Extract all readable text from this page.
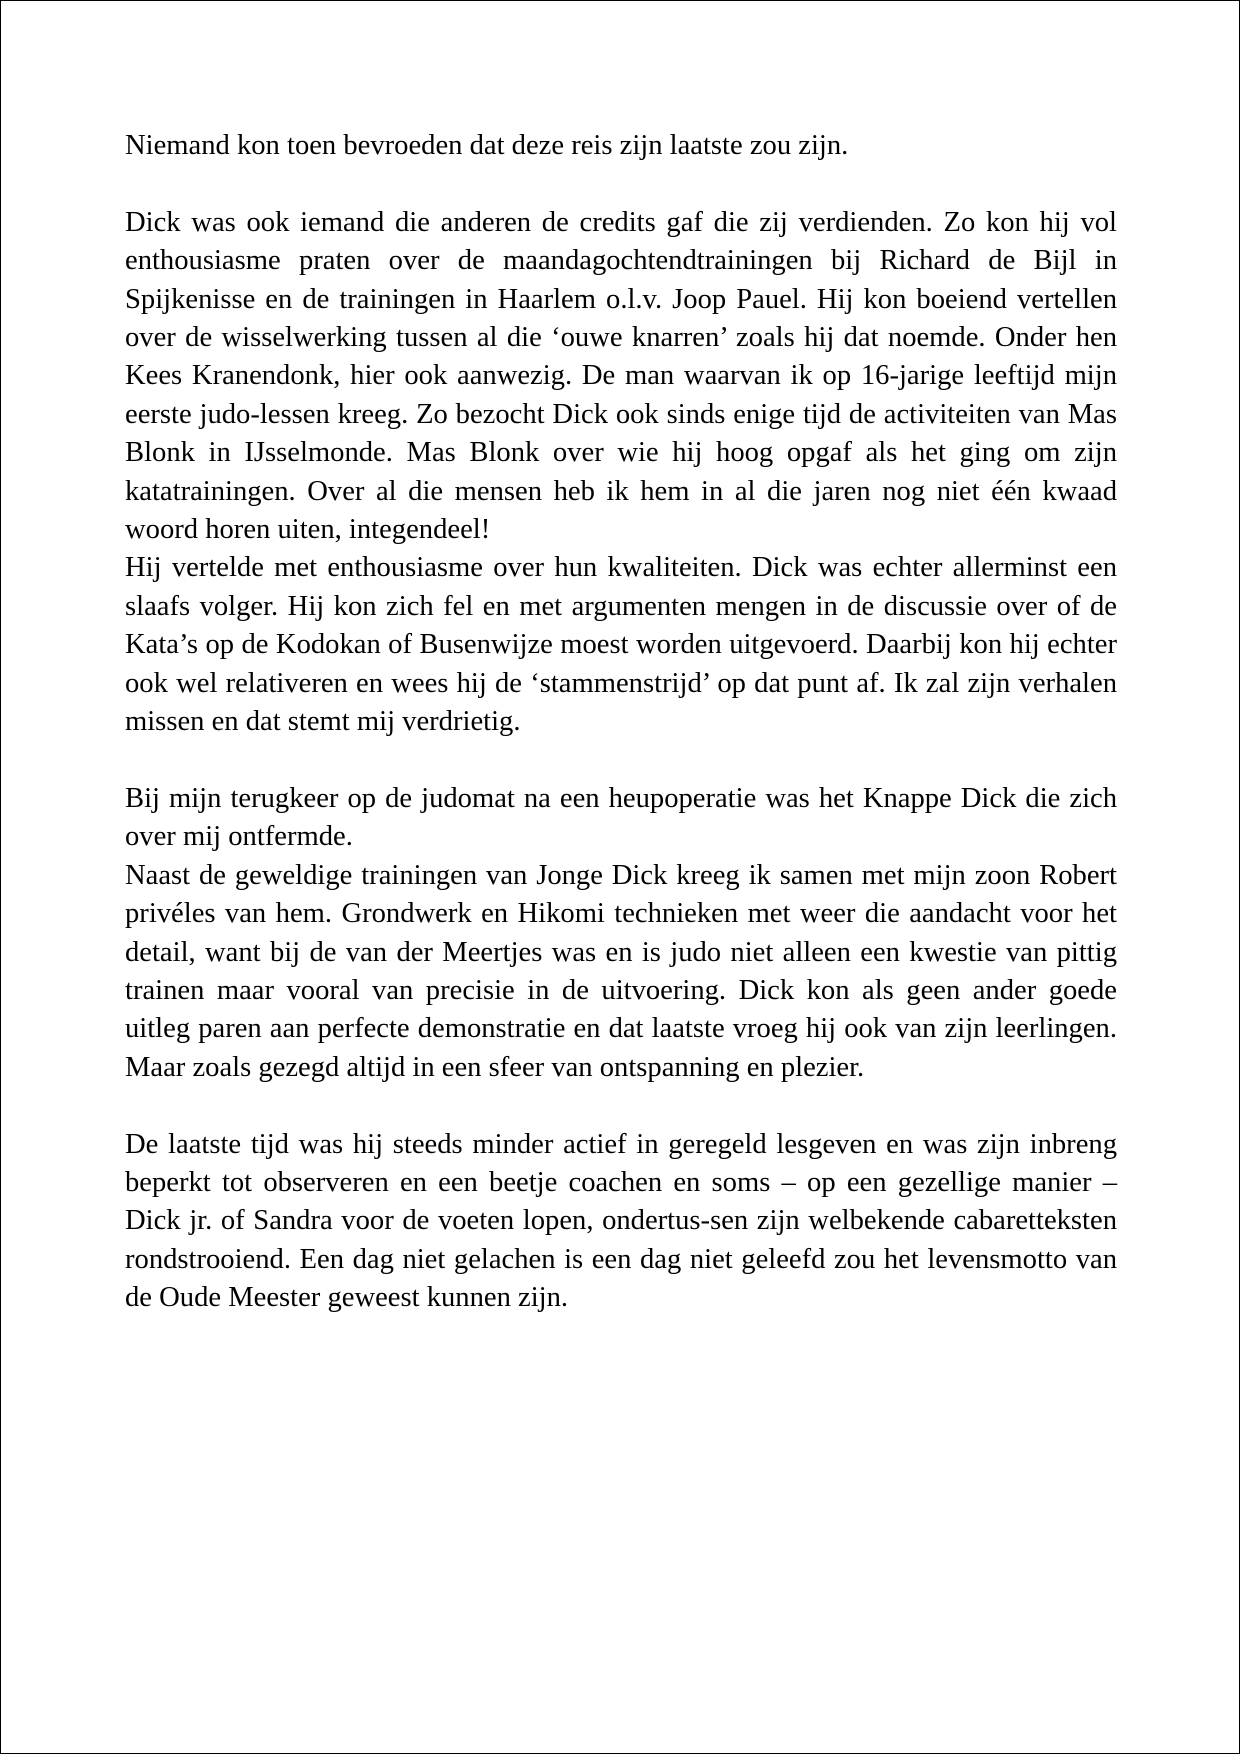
Niemand kon toen bevroeden dat deze reis zijn laatste zou zijn.

Dick was ook iemand die anderen de credits gaf die zij verdienden. Zo kon hij vol enthousiasme praten over de maandagochtendtrainingen bij Richard de Bijl in Spijkenisse en de trainingen in Haarlem o.l.v. Joop Pauel. Hij kon boeiend vertellen over de wisselwerking tussen al die ‘ouwe knarren’ zoals hij dat noemde. Onder hen Kees Kranendonk, hier ook aanwezig. De man waarvan ik op 16-jarige leeftijd mijn eerste judo-lessen kreeg. Zo bezocht Dick ook sinds enige tijd de activiteiten van Mas Blonk in IJsselmonde. Mas Blonk over wie hij hoog opgaf als het ging om zijn katatrainingen. Over al die mensen heb ik hem in al die jaren nog niet één kwaad woord horen uiten, integendeel!

Hij vertelde met enthousiasme over hun kwaliteiten. Dick was echter allerminst een slaafs volger. Hij kon zich fel en met argumenten mengen in de discussie over of de Kata’s op de Kodokan of Busenwijze moest worden uitgevoerd. Daarbij kon hij echter ook wel relativeren en wees hij de ‘stammenstrijd’ op dat punt af. Ik zal zijn verhalen missen en dat stemt mij verdrietig.

Bij mijn terugkeer op de judomat na een heupoperatie was het Knappe Dick die zich over mij ontfermde.

Naast de geweldige trainingen van Jonge Dick kreeg ik samen met mijn zoon Robert privéles van hem. Grondwerk en Hikomi technieken met weer die aandacht voor het detail, want bij de van der Meertjes was en is judo niet alleen een kwestie van pittig trainen maar vooral van precisie in de uitvoering. Dick kon als geen ander goede uitleg paren aan perfecte demonstratie en dat laatste vroeg hij ook van zijn leerlingen. Maar zoals gezegd altijd in een sfeer van ontspanning en plezier.

De laatste tijd was hij steeds minder actief in geregeld lesgeven en was zijn inbreng beperkt tot observeren en een beetje coachen en soms – op een gezellige manier – Dick jr. of Sandra voor de voeten lopen, ondertus-sen zijn welbekende cabaretteksten rondstrooiend. Een dag niet gelachen is een dag niet geleefd zou het levensmotto van de Oude Meester geweest kunnen zijn.
